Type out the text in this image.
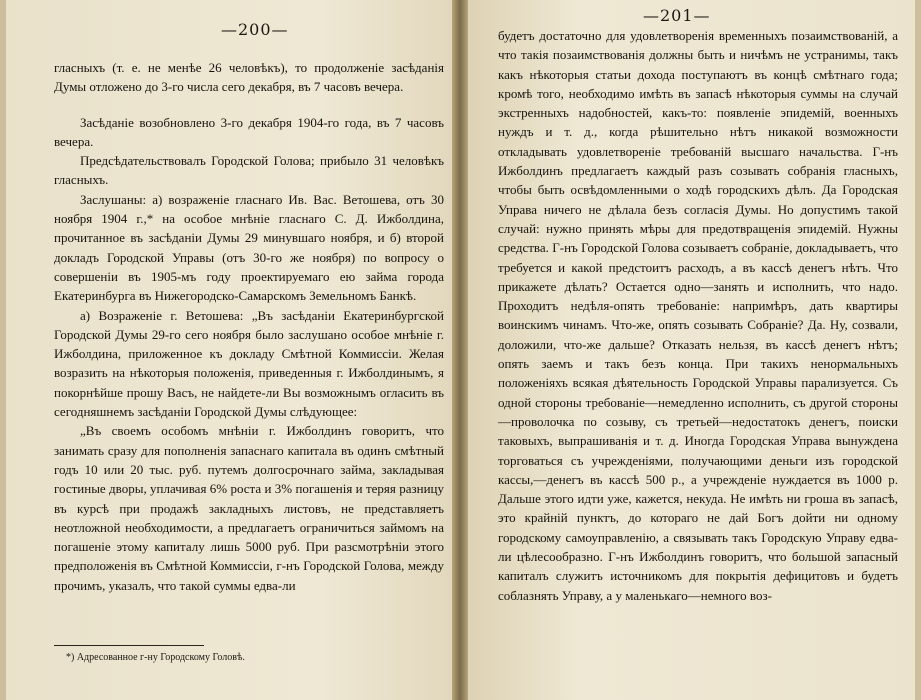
—200—

гласныхъ (т. е. не менѣе 26 человѣкъ), то продолженiе засѣданiя Думы отложено до 3-го числа сего декабря, въ 7 часовъ вечера.

Засѣданiе возобновлено 3-го декабря 1904-го года, въ 7 часовъ вечера.

Предсѣдательствовалъ Городской Голова; прибыло 31 человѣкъ гласныхъ.

Заслушаны: а) возраженiе гласнаго Ив. Вас. Ветошева, отъ 30 ноября 1904 г.,* на особое мнѣнiе гласнаго С. Д. Ижболдина, прочитанное въ засѣданiи Думы 29 минувшаго ноября, и б) второй докладъ Городской Управы (отъ 30-го же ноября) по вопросу о совершенiи въ 1905-мъ году проектируемаго ею займа города Екатеринбурга въ Нижегородско-Самарскомъ Земельномъ Банкѣ.

а) Возраженiе г. Ветошева: „Въ засѣданiи Екатеринбургской Городской Думы 29-го сего ноября было заслушано особое мнѣнiе г. Ижболдина, приложенное къ докладу Смѣтной Коммиссiи. Желая возразить на нѣкоторыя положенiя, приведенныя г. Ижболдинымъ, я покорнѣйше прошу Васъ, не найдете-ли Вы возможнымъ огласить въ сегодняшнемъ засѣданiи Городской Думы слѣдующее:

„Въ своемъ особомъ мнѣнiи г. Ижболдинъ говоритъ, что занимать сразу для пополненiя запаснаго капитала въ одинъ смѣтный годъ 10 или 20 тыс. руб. путемъ долгосрочнаго займа, закладывая гостиные дворы, уплачивая 6% роста и 3% погашенiя и теряя разницу въ курсѣ при продажѣ закладныхъ листовъ, не представляетъ неотложной необходимости, а предлагаетъ ограничиться займомъ на погашенiе этому капиталу лишь 5000 руб. При разсмотрѣнiи этого предположенiя въ Смѣтной Коммиссiи, г-нъ Городской Голова, между прочимъ, указалъ, что такой суммы едва-ли

*) Адресованное г-ну Городскому Головѣ.
—201—

будетъ достаточно для удовлетворенiя временныхъ позаимствованiй, а что такiя позаимствованiя должны быть и ничѣмъ не устранимы, такъ какъ нѣкоторыя статьи дохода поступаютъ въ концѣ смѣтнаго года; кромѣ того, необходимо имѣть въ запасѣ нѣкоторыя суммы на случай экстренныхъ надобностей, какъ-то: появленiе эпидемiй, военныхъ нуждъ и т. д., когда рѣшительно нѣтъ никакой возможности откладывать удовлетворенiе требованiй высшаго начальства. Г-нъ Ижболдинъ предлагаетъ каждый разъ созывать собранiя гласныхъ, чтобы быть освѣдомленными о ходѣ городскихъ дѣлъ. Да Городская Управа ничего не дѣлала безъ согласiя Думы. Но допустимъ такой случай: нужно принять мѣры для предотвращенiя эпидемiй. Нужны средства. Г-нъ Городской Голова созываетъ собранiе, докладываетъ, что требуется и какой предстоитъ расходъ, а въ кассѣ денегъ нѣтъ. Что прикажете дѣлать? Остается одно—занять и исполнить, что надо. Проходитъ недѣля-опять требованiе: напримѣръ, дать квартиры воинскимъ чинамъ. Что-же, опять созывать Собранiе? Да. Ну, созвали, доложили, что-же дальше? Отказать нельзя, въ кассѣ денегъ нѣтъ; опять заемъ и такъ безъ конца. При такихъ ненормальныхъ положенiяхъ всякая дѣятельность Городской Управы парализуется. Съ одной стороны требованiе—немедленно исполнить, съ другой стороны—проволочка по созыву, съ третьей—недостатокъ денегъ, поиски таковыхъ, выпрашиванiя и т. д. Иногда Городская Управа вынуждена торговаться съ учрежденiями, получающими деньги изъ городской кассы,—денегъ въ кассѣ 500 р., а учрежденiе нуждается въ 1000 р. Дальше этого идти уже, кажется, некуда. Не имѣть ни гроша въ запасѣ, это крайнiй пунктъ, до котораго не дай Богъ дойти ни одному городскому самоуправленiю, а связывать такъ Городскую Управу едва-ли цѣлесообразно. Г-нъ Ижболдинъ говоритъ, что большой запасный капиталъ служитъ источникомъ для покрытiя дефицитовъ и будетъ соблазнять Управу, а у маленькаго—немного воз-
